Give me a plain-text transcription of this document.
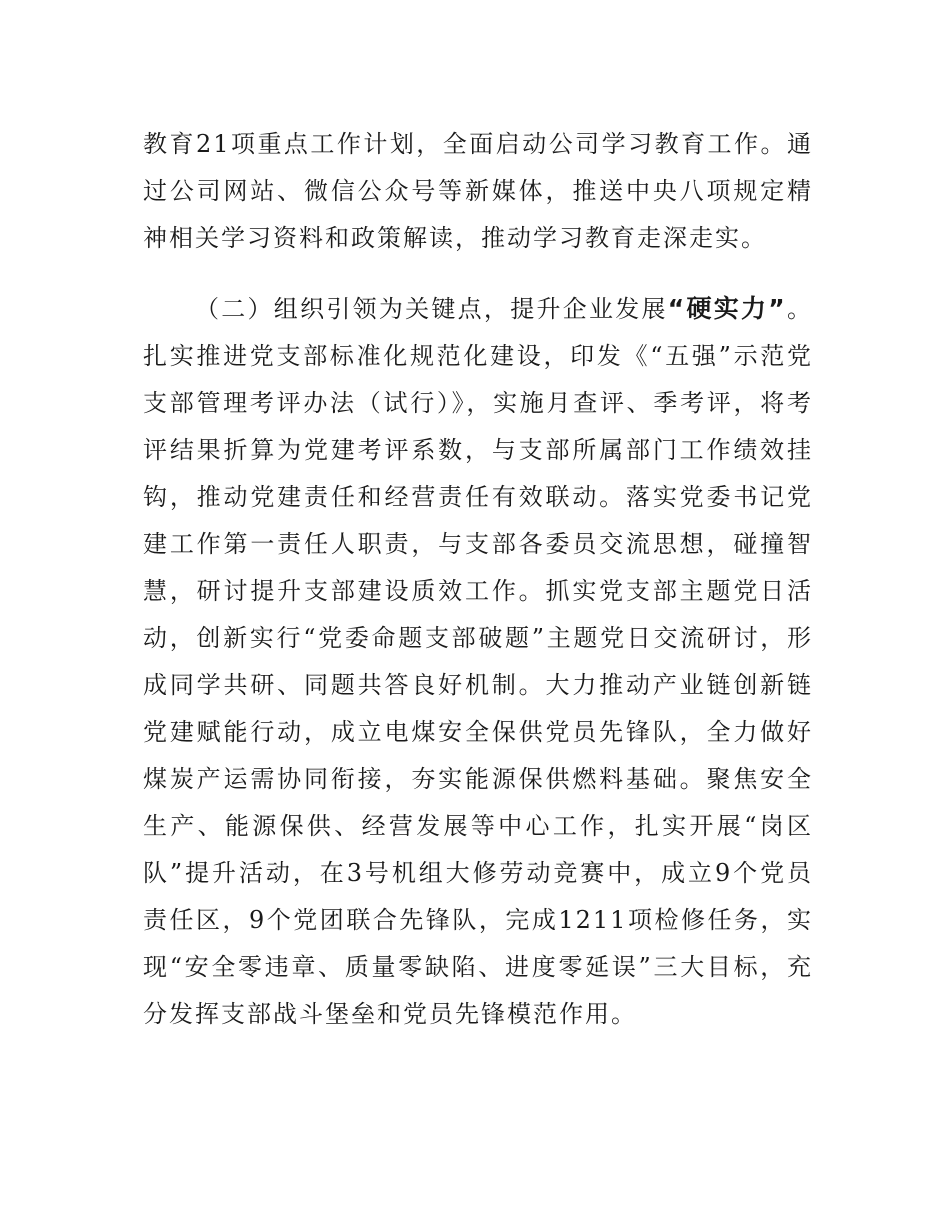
教育21项重点工作计划，全面启动公司学习教育工作。通过公司网站、微信公众号等新媒体，推送中央八项规定精神相关学习资料和政策解读，推动学习教育走深走实。

（二）组织引领为关键点，提升企业发展“硬实力”。扎实推进党支部标准化规范化建设，印发《“五强”示范党支部管理考评办法（试行）》，实施月查评、季考评，将考评结果折算为党建考评系数，与支部所属部门工作绩效挂钩，推动党建责任和经营责任有效联动。落实党委书记党建工作第一责任人职责，与支部各委员交流思想，碰撞智慧，研讨提升支部建设质效工作。抓实党支部主题党日活动，创新实行“党委命题支部破题”主题党日交流研讨，形成同学共研、同题共答良好机制。大力推动产业链创新链党建赋能行动，成立电煤安全保供党员先锋队，全力做好煤炭产运需协同衔接，夯实能源保供燃料基础。聚焦安全生产、能源保供、经营发展等中心工作，扎实开展“岗区队”提升活动，在3号机组大修劳动竞赛中，成立9个党员责任区，9个党团联合先锋队，完成1211项检修任务，实现“安全零违章、质量零缺陷、进度零延误”三大目标，充分发挥支部战斗堡垒和党员先锋模范作用。
